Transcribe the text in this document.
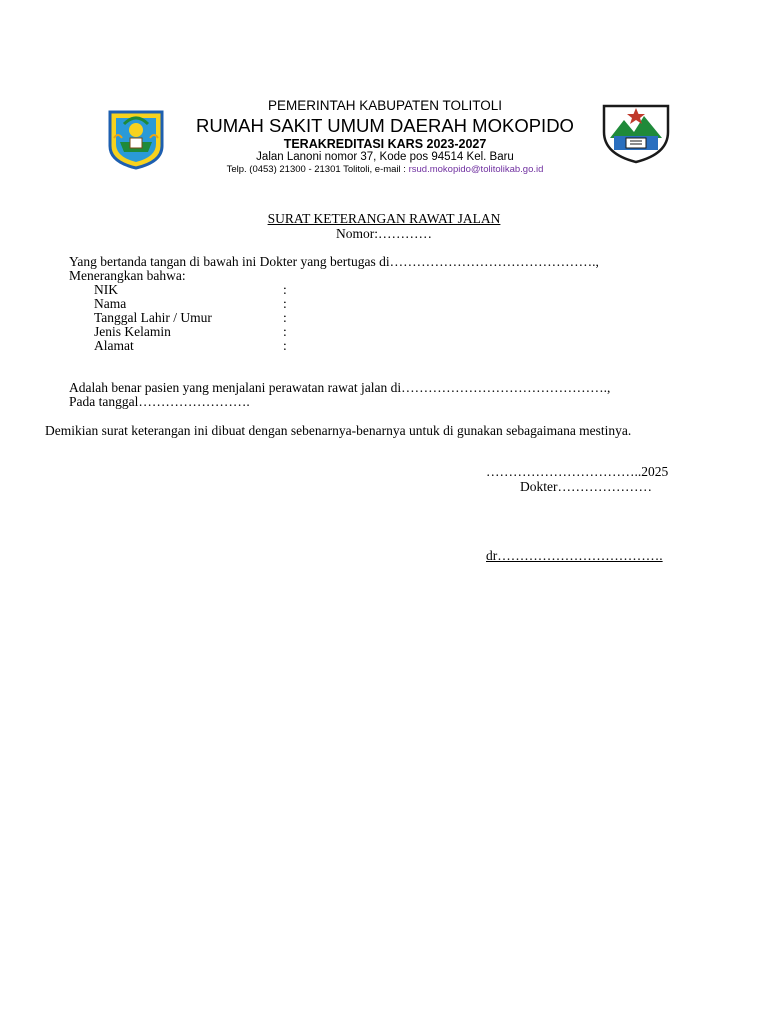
PEMERINTAH KABUPATEN TOLITOLI
RUMAH SAKIT UMUM DAERAH MOKOPIDO
TERAKREDITASI KARS 2023-2027
Jalan Lanoni nomor 37, Kode pos 94514 Kel. Baru
Telp. (0453) 21300 - 21301 Tolitoli, e-mail : rsud.mokopido@tolitolikab.go.id
SURAT KETERANGAN RAWAT JALAN
Nomor:…………
Yang bertanda tangan di bawah ini Dokter yang bertugas di……………………………………….,
Menerangkan bahwa:
NIK	:
Nama	:
Tanggal Lahir / Umur	:
Jenis Kelamin	:
Alamat	:
Adalah benar pasien yang menjalani perawatan rawat jalan di……………………………………….,
Pada tanggal…………………….
Demikian surat keterangan ini dibuat dengan sebenarnya-benarnya untuk di gunakan sebagaimana mestinya.
……………………………..2025
Dokter…………………
dr……………………………….
